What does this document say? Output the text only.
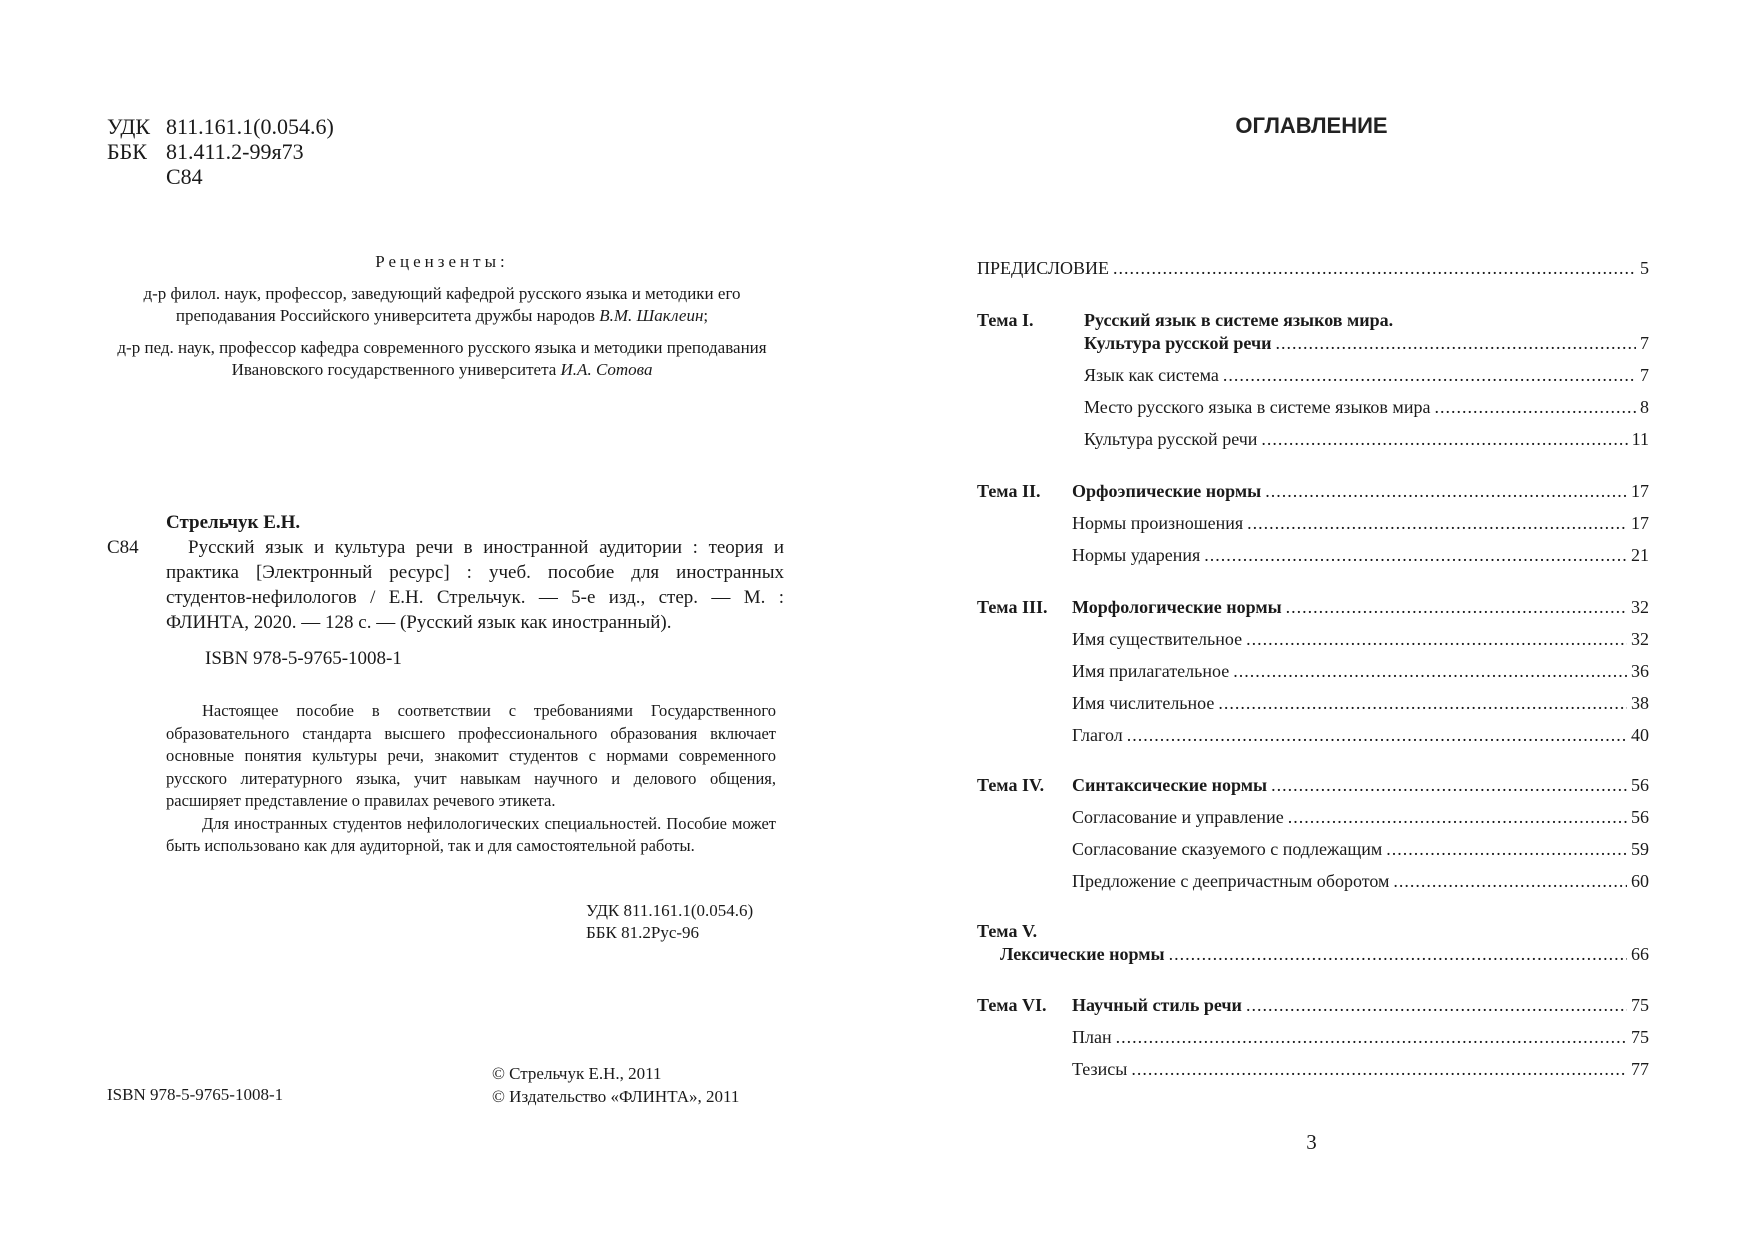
УДК 811.161.1(0.054.6)
ББК 81.411.2-99я73
С84
Рецензенты:
д-р филол. наук, профессор, заведующий кафедрой русского языка и методики его преподавания Российского университета дружбы народов В.М. Шаклеин;
д-р пед. наук, профессор кафедра современного русского языка и методики преподавания Ивановского государственного университета И.А. Сотова
Стрельчук Е.Н.
С84	Русский язык и культура речи в иностранной аудитории : теория и практика [Электронный ресурс] : учеб. пособие для иностранных студентов-нефилологов / Е.Н. Стрельчук. — 5-е изд., стер. — М. : ФЛИНТА, 2020. — 128 с. — (Русский язык как иностранный).
ISBN 978-5-9765-1008-1

Настоящее пособие в соответствии с требованиями Государственного образовательного стандарта высшего профессионального образования включает основные понятия культуры речи, знакомит студентов с нормами современного русского литературного языка, учит навыкам научного и делового общения, расширяет представление о правилах речевого этикета.

Для иностранных студентов нефилологических специальностей. Пособие может быть использовано как для аудиторной, так и для самостоятельной работы.

УДК 811.161.1(0.054.6)
ББК 81.2Рус-96
© Стрельчук Е.Н., 2011
© Издательство «ФЛИНТА», 2011
ISBN 978-5-9765-1008-1
ОГЛАВЛЕНИЕ
ПРЕДИСЛОВИЕ .....	5
Тема I.	Русский язык в системе языков мира.
Культура русской речи .....	7
Язык как система .....	7
Место русского языка в системе языков мира .....	8
Культура русской речи .....	11
Тема II. Орфоэпические нормы .....	17
Нормы произношения .....	17
Нормы ударения .....	21
Тема III. Морфологические нормы .....	32
Имя существительное .....	32
Имя прилагательное .....	36
Имя числительное .....	38
Глагол .....	40
Тема IV. Синтаксические нормы .....	56
Согласование и управление .....	56
Согласование сказуемого с подлежащим .....	59
Предложение с деепричастным оборотом .....	60
Тема V.
Лексические нормы .....	66
Тема VI. Научный стиль речи .....	75
План .....	75
Тезисы .....	77
3
